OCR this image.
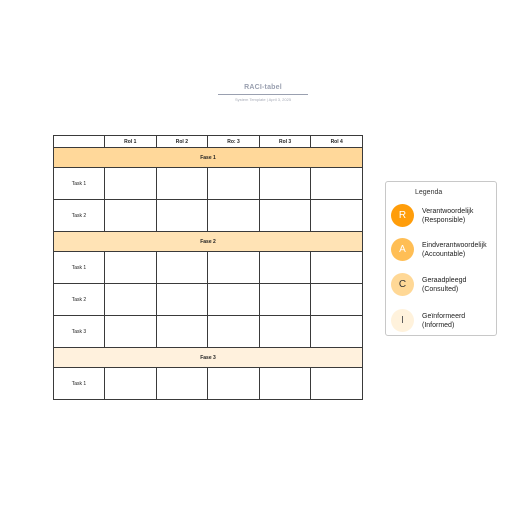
RACI-tabel
System Template | April 3, 2025
	Rol 1	Rol 2	Ro: 3	Rol 3	Rol 4
Fase 1					
Task 1					
Task 2					
Fase 2					
Task 1					
Task 2					
Task 3					
Fase 3					
Task 1					
Legenda
R	Verantwoordelijk
(Responsible)
A	Eindverantwoordelijk
(Accountable)
C	Geraadpleegd
(Consulted)
I	Geïnformeerd
(Informed)
